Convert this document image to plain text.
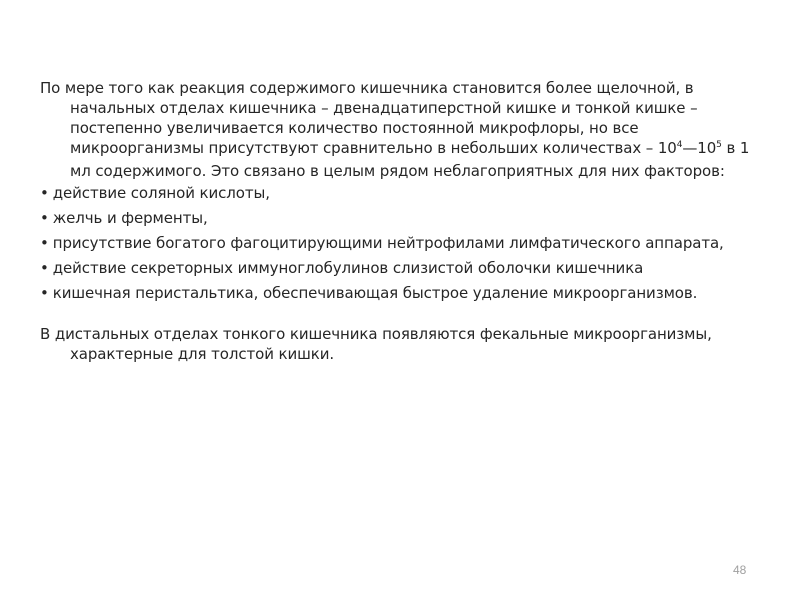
По мере того как реакция содержимого кишечника становится более щелочной, в начальных отделах кишечника – двенадцатиперстной кишке и тонкой кишке – постепенно увеличивается количество постоянной микрофлоры, но все микроорганизмы присутствуют сравнительно в небольших количествах – $10^4—10^5$ в 1 мл содержимого. Это связано в целым рядом неблагоприятных для них факторов:

• действие соляной кислоты,
• желчь и ферменты,
• присутствие богатого фагоцитирующими нейтрофилами лимфатического аппарата,
• действие секреторных иммуноглобулинов слизистой оболочки кишечника
• кишечная перистальтика, обеспечивающая быстрое удаление микроорганизмов.

В дистальных отделах тонкого кишечника появляются фекальные микроорганизмы, характерные для толстой кишки.

48
